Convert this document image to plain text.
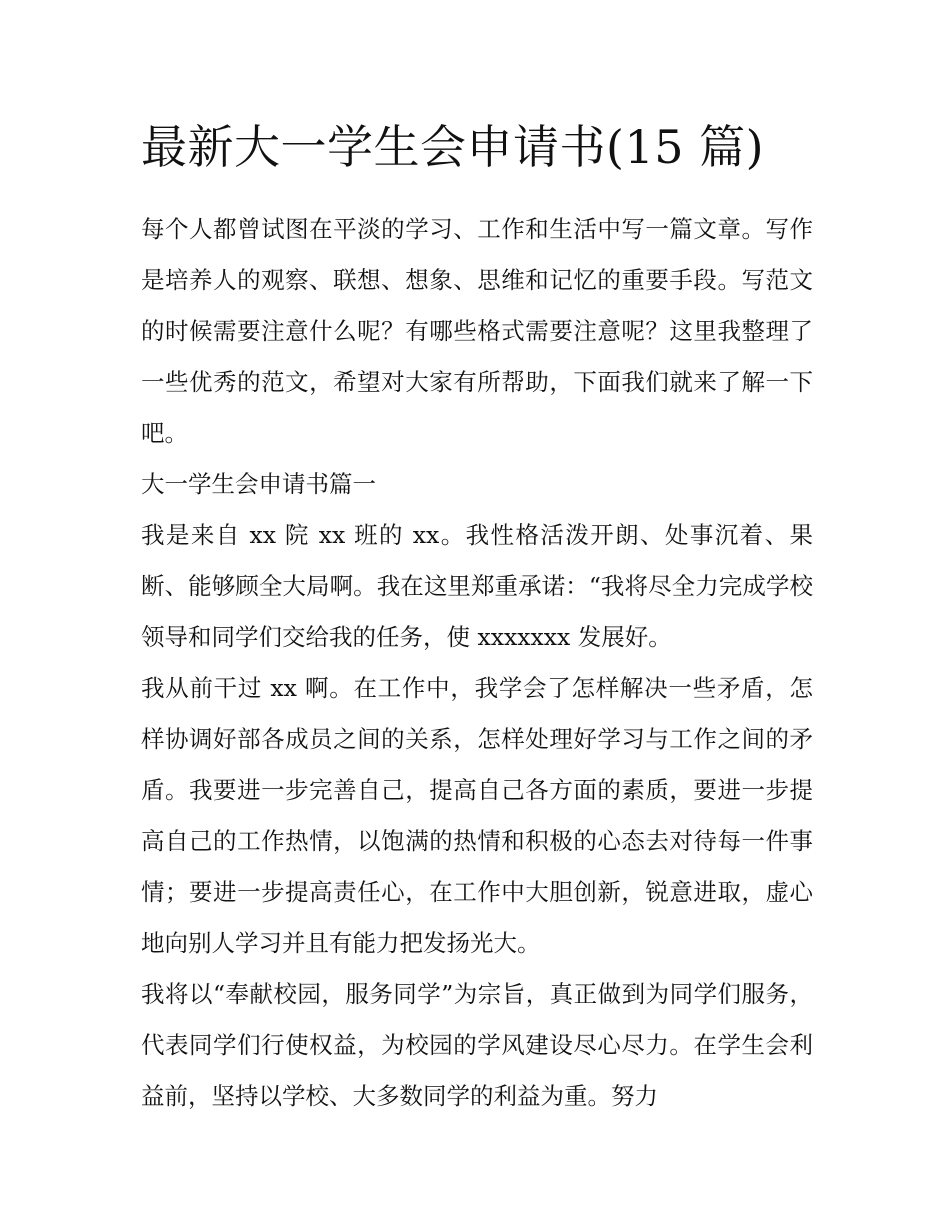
最新大一学生会申请书(15 篇)

每个人都曾试图在平淡的学习、工作和生活中写一篇文章。写作是培养人的观察、联想、想象、思维和记忆的重要手段。写范文的时候需要注意什么呢？有哪些格式需要注意呢？这里我整理了一些优秀的范文，希望对大家有所帮助，下面我们就来了解一下吧。

大一学生会申请书篇一

我是来自 xx 院 xx 班的 xx。我性格活泼开朗、处事沉着、果断、能够顾全大局啊。我在这里郑重承诺：“我将尽全力完成学校领导和同学们交给我的任务，使 xxxxxxx 发展好。

我从前干过 xx 啊。在工作中，我学会了怎样解决一些矛盾，怎样协调好部各成员之间的关系，怎样处理好学习与工作之间的矛盾。我要进一步完善自己，提高自己各方面的素质，要进一步提高自己的工作热情，以饱满的热情和积极的心态去对待每一件事情；要进一步提高责任心，在工作中大胆创新，锐意进取，虚心地向别人学习并且有能力把发扬光大。

我将以“奉献校园，服务同学”为宗旨，真正做到为同学们服务，代表同学们行使权益，为校园的学风建设尽心尽力。在学生会利益前，坚持以学校、大多数同学的利益为重。努力
